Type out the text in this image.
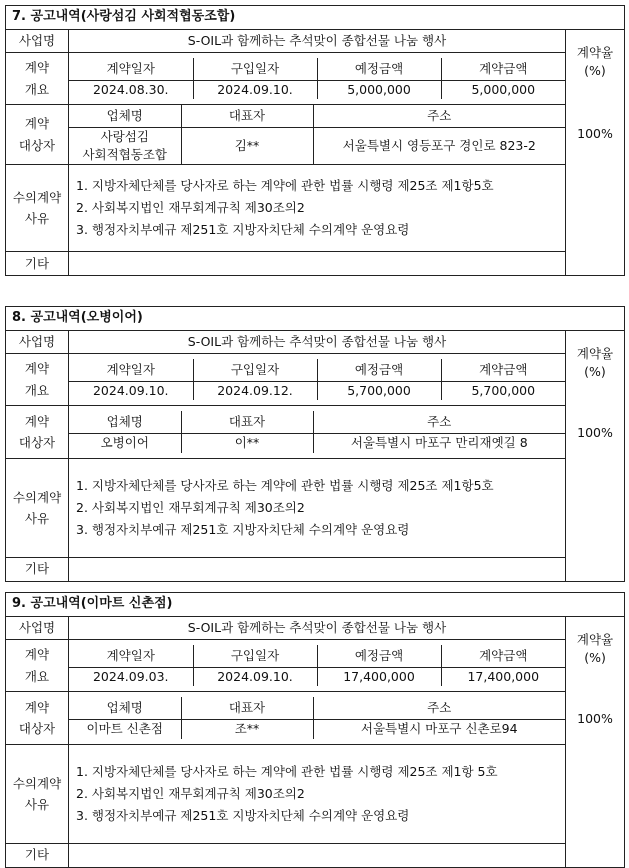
7. 공고내역(사랑섬김 사회적협동조합)
사업명	S-OIL과 함께하는 추석맞이 종합선물 나눔 행사	
계약율
(%)
100%

계약
개요

계약일자	구입일자	예정금액	계약금액
2024.08.30.	2024.09.10.	5,000,000	5,000,000

계약
대상자

업체명	대표자	주소

사랑섬김
사회적협동조합
	김**	서울특별시 영등포구 경인로 823-2

수의계약
사유

1. 지방자체단체를 당사자로 하는 계약에 관한 법률 시행령 제25조 제1항5호
2. 사회복지법인 재무회계규칙 제30조의2
3. 행정자치부예규 제251호 지방자치단체 수의계약 운영요령

기타	
8. 공고내역(오병이어)
사업명	S-OIL과 함께하는 추석맞이 종합선물 나눔 행사	
계약율
(%)
100%

계약
개요

계약일자	구입일자	예정금액	계약금액
2024.09.10.	2024.09.12.	5,700,000	5,700,000

계약
대상자

업체명	대표자	주소

오병이어	이**	서울특별시 마포구 만리재옛길 8

수의계약
사유

1. 지방자체단체를 당사자로 하는 계약에 관한 법률 시행령 제25조 제1항5호
2. 사회복지법인 재무회계규칙 제30조의2
3. 행정자치부예규 제251호 지방자치단체 수의계약 운영요령

기타	
9. 공고내역(이마트 신촌점)
사업명	S-OIL과 함께하는 추석맞이 종합선물 나눔 행사	
계약율
(%)
100%

계약
개요

계약일자	구입일자	예정금액	계약금액
2024.09.03.	2024.09.10.	17,400,000	17,400,000

계약
대상자

업체명	대표자	주소

이마트 신촌점	조**	서울특별시 마포구 신촌로94

수의계약
사유

1. 지방자체단체를 당사자로 하는 계약에 관한 법률 시행령 제25조 제1항 5호
2. 사회복지법인 재무회계규칙 제30조의2
3. 행정자치부예규 제251호 지방자치단체 수의계약 운영요령

기타	
